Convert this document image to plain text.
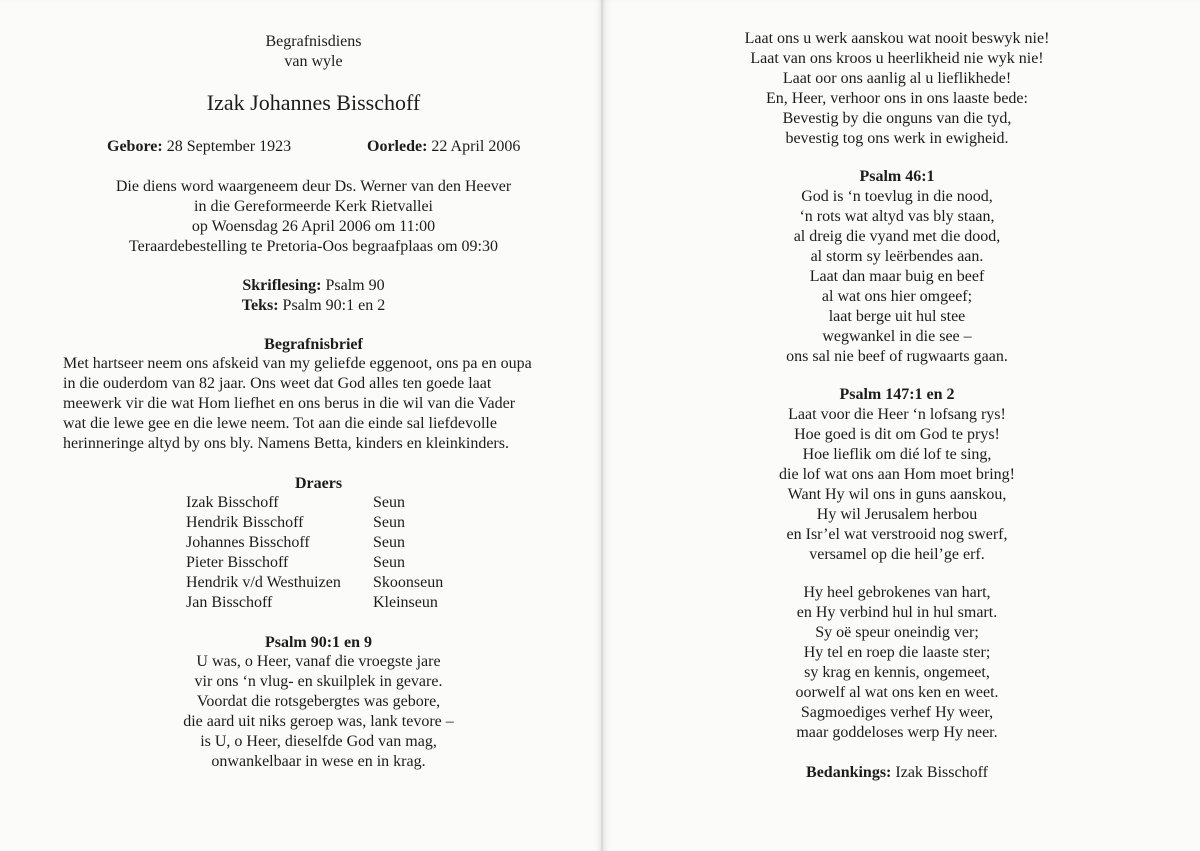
Begrafnisdiens
van wyle
Izak Johannes Bisschoff
Gebore: 28 September 1923	Oorlede: 22 April 2006
Die diens word waargeneem deur Ds. Werner van den Heever
in die Gereformeerde Kerk Rietvallei
op Woensdag 26 April 2006 om 11:00
Teraardebestelling te Pretoria-Oos begraafplaas om 09:30
Skriflesing: Psalm 90
Teks: Psalm 90:1 en 2
Begrafnisbrief

Met hartseer neem ons afskeid van my geliefde eggenoot, ons pa en oupa

in die ouderdom van 82 jaar. Ons weet dat God alles ten goede laat

meewerk vir die wat Hom liefhet en ons berus in die wil van die Vader

wat die lewe gee en die lewe neem. Tot aan die einde sal liefdevolle

herinneringe altyd by ons bly. Namens Betta, kinders en kleinkinders.

Draers
Izak Bisschoff	Seun
Hendrik Bisschoff	Seun
Johannes Bisschoff	Seun
Pieter Bisschoff	Seun
Hendrik v/d Westhuizen	Skoonseun
Jan Bisschoff	Kleinseun
Psalm 90:1 en 9
U was, o Heer, vanaf die vroegste jare
vir ons ‘n vlug- en skuilplek in gevare.
Voordat die rotsgebergtes was gebore,
die aard uit niks geroep was, lank tevore –
is U, o Heer, dieselfde God van mag,
onwankelbaar in wese en in krag.
Laat ons u werk aanskou wat nooit beswyk nie!
Laat van ons kroos u heerlikheid nie wyk nie!
Laat oor ons aanlig al u lieflikhede!
En, Heer, verhoor ons in ons laaste bede:
Bevestig by die onguns van die tyd,
bevestig tog ons werk in ewigheid.
Psalm 46:1
God is ‘n toevlug in die nood,
‘n rots wat altyd vas bly staan,
al dreig die vyand met die dood,
al storm sy leërbendes aan.
Laat dan maar buig en beef
al wat ons hier omgeef;
laat berge uit hul stee
wegwankel in die see –
ons sal nie beef of rugwaarts gaan.
Psalm 147:1 en 2
Laat voor die Heer ‘n lofsang rys!
Hoe goed is dit om God te prys!
Hoe lieflik om dié lof te sing,
die lof wat ons aan Hom moet bring!
Want Hy wil ons in guns aanskou,
Hy wil Jerusalem herbou
en Isr’el wat verstrooid nog swerf,
versamel op die heil’ge erf.
Hy heel gebrokenes van hart,
en Hy verbind hul in hul smart.
Sy oë speur oneindig ver;
Hy tel en roep die laaste ster;
sy krag en kennis, ongemeet,
oorwelf al wat ons ken en weet.
Sagmoediges verhef Hy weer,
maar goddeloses werp Hy neer.
Bedankings: Izak Bisschoff
